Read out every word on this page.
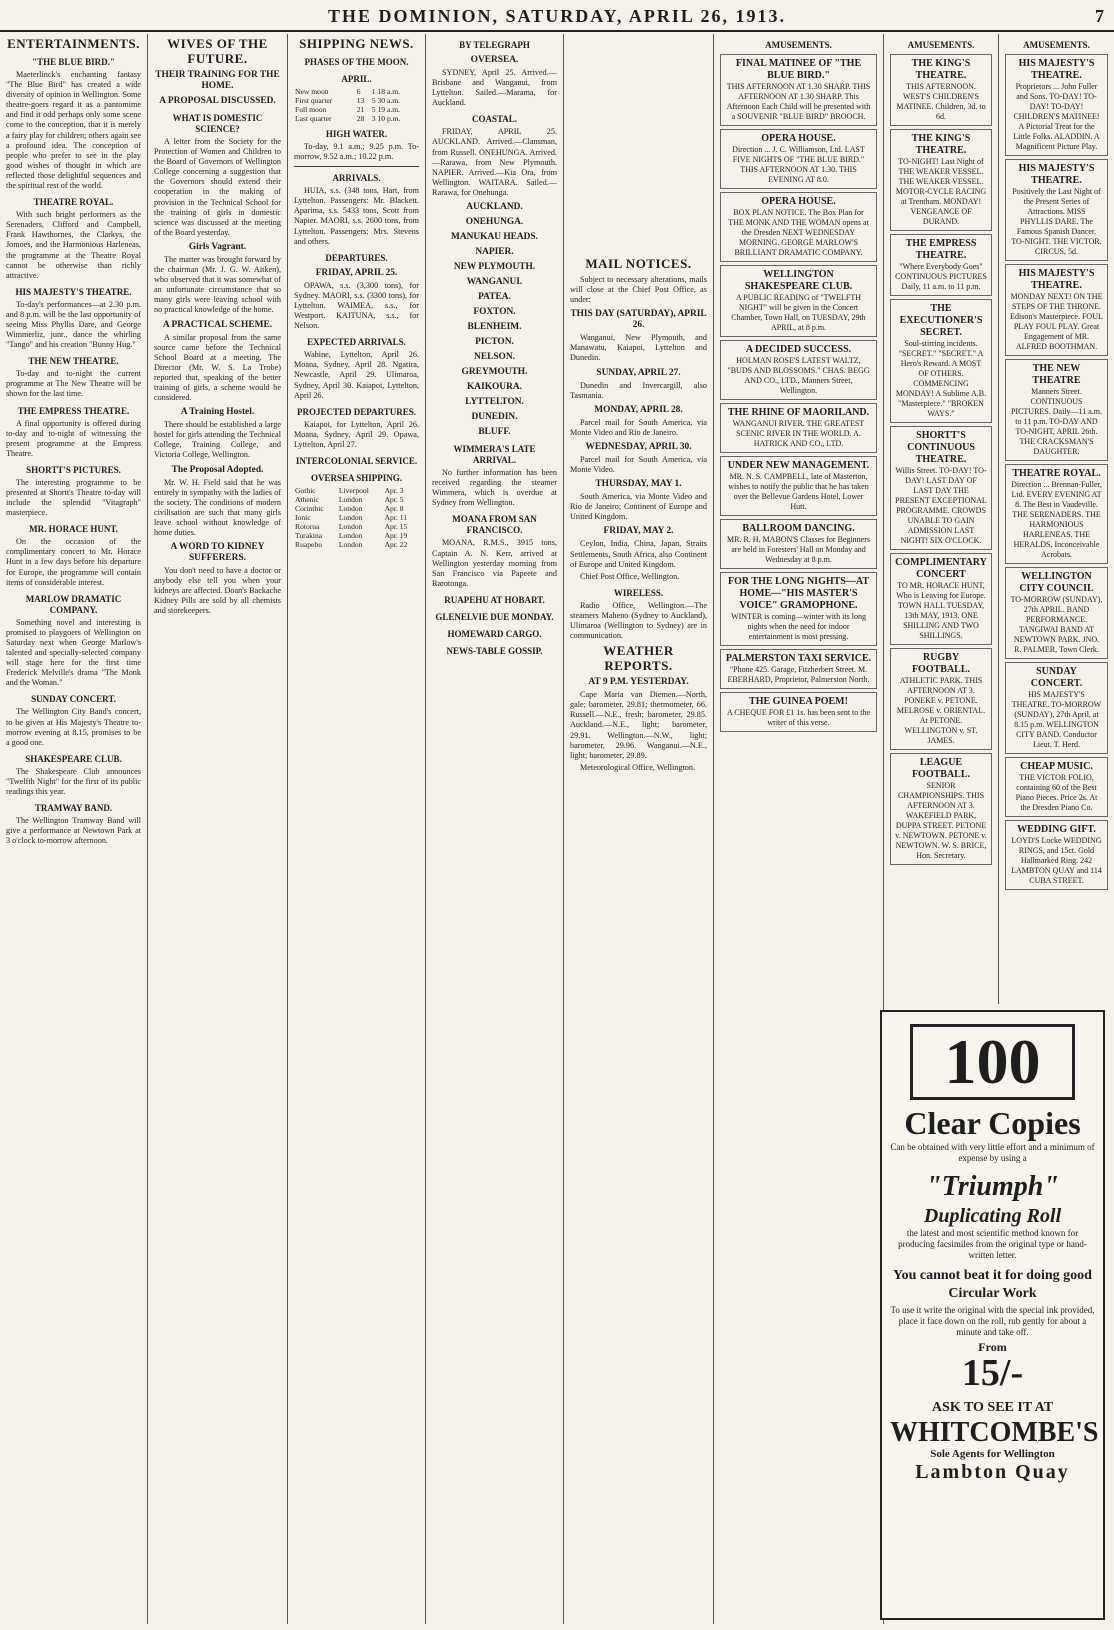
THE DOMINION, SATURDAY, APRIL 26, 1913.	7
ENTERTAINMENTS.
"THE BLUE BIRD."

Maeterlinck's enchanting fantasy "The Blue Bird" has created a wide diversity of opinion in Wellington. Some theatre-goers regard it as a pantomime and find it odd perhaps only some scene come to the conception, that it is merely a fairy play for children; others again see a profound idea. The conception of people who prefer to see in the play good wishes of thought in which are reflected those delightful sequences and the spiritual rest of the world.

THEATRE ROYAL.

With such bright performers as the Serenaders, Clifford and Campbell, Frank Hawthornes, the Clarkys, the Jomoes, and the Harmonious Harleneas, the programme at the Theatre Royal cannot be otherwise than richly attractive.

HIS MAJESTY'S THEATRE.

To-day's performances—at 2.30 p.m. and 8 p.m. will be the last opportunity of seeing Miss Phyllis Dare, and George Wimmerliz, junr., dance the whirling "Tango" and his creation "Bunny Hug."

THE NEW THEATRE.

To-day and to-night the current programme at The New Theatre will be shown for the last time.

THE EMPRESS THEATRE.

A final opportunity is offered during to-day and to-night of witnessing the present programme at the Empress Theatre.

SHORTT'S PICTURES.

The interesting programme to be presented at Shortt's Theatre to-day will include the splendid "Vitagraph" masterpiece.

MR. HORACE HUNT.

On the occasion of the complimentary concert to Mr. Horace Hunt in a few days before his departure for Europe, the programme will contain items of considerable interest.

MARLOW DRAMATIC COMPANY.

Something novel and interesting is promised to playgoers of Wellington on Saturday next when George Marlow's talented and specially-selected company will stage here for the first time Frederick Melville's drama "The Monk and the Woman."

SUNDAY CONCERT.

The Wellington City Band's concert, to be given at His Majesty's Theatre to-morrow evening at 8.15, promises to be a good one.

SHAKESPEARE CLUB.

The Shakespeare Club announces "Twelfth Night" for the first of its public readings this year.

TRAMWAY BAND.

The Wellington Tramway Band will give a performance at Newtown Park at 3 o'clock to-morrow afternoon.

WIVES OF THE FUTURE.
THEIR TRAINING FOR THE HOME.
A PROPOSAL DISCUSSED.
WHAT IS DOMESTIC SCIENCE?

A letter from the Society for the Protection of Women and Children to the Board of Governors of Wellington College concerning a suggestion that the Governors should extend their cooperation in the making of provision in the Technical School for the training of girls in domestic science was discussed at the meeting of the Board yesterday.

Girls Vagrant.

The matter was brought forward by the chairman (Mr. J. G. W. Aitken), who observed that it was somewhat of an unfortunate circumstance that so many girls were leaving school with no practical knowledge of the home.

A PRACTICAL SCHEME.

A similar proposal from the same source came before the Technical School Board at a meeting. The Director (Mr. W. S. La Trobe) reported that, speaking of the better training of girls, a scheme would be considered.

A Training Hostel.

There should be established a large hostel for girls attending the Technical College, Training College, and Victoria College, Wellington.

The Proposal Adopted.

Mr. W. H. Field said that he was entirely in sympathy with the ladies of the society. The conditions of modern civilisation are such that many girls leave school without knowledge of home duties.

A WORD TO KIDNEY SUFFERERS.

You don't need to have a doctor or anybody else tell you when your kidneys are affected. Doan's Backache Kidney Pills are sold by all chemists and storekeepers.

SHIPPING NEWS.
PHASES OF THE MOON.
APRIL.
New moon	6	1 18 a.m.
First quarter	13	5 30 a.m.
Full moon	21	5 19 a.m.
Last quarter	28	3 10 p.m.
HIGH WATER.

To-day, 9.1 a.m.; 9.25 p.m. To-morrow, 9.52 a.m.; 10.22 p.m.

ARRIVALS.

HUIA, s.s. (348 tons, Hart, from Lyttelton. Passengers: Mr. Blackett. Aparima, s.s. 5433 tons, Scott from Napier. MAORI, s.s. 2600 tons, from Lyttelton. Passengers: Mrs. Stevens and others.

DEPARTURES.
FRIDAY, APRIL 25.

OPAWA, s.s. (3,300 tons), for Sydney. MAORI, s.s. (3300 tons), for Lyttelton. WAIMEA, s.s., for Westport. KAITUNA, s.s., for Nelson.

EXPECTED ARRIVALS.

Wahine, Lyttelton, April 26. Moana, Sydney, April 28. Ngatira, Newcastle, April 29. Ulimaroa, Sydney, April 30. Kaiapoi, Lyttelton, April 26.

PROJECTED DEPARTURES.

Kaiapoi, for Lyttelton, April 26. Moana, Sydney, April 29. Opawa, Lyttelton, April 27.

INTERCOLONIAL SERVICE.
OVERSEA SHIPPING.
Gothic	Liverpool	Apr. 3
Athenic	London	Apr. 5
Corinthic	London	Apr. 8
Ionic	London	Apr. 11
Rotorua	London	Apr. 15
Turakina	London	Apr. 19
Ruapehu	London	Apr. 22
BY TELEGRAPH
OVERSEA.

SYDNEY, April 25. Arrived.—Brisbane and Wanganui, from Lyttelton. Sailed.—Marama, for Auckland.

COASTAL.

FRIDAY, APRIL 25. AUCKLAND. Arrived.—Clansman, from Russell. ONEHUNGA. Arrived.—Rarawa, from New Plymouth. NAPIER. Arrived.—Kia Ora, from Wellington. WAITARA. Sailed.—Rarawa, for Onehunga.

AUCKLAND.
ONEHUNGA.
MANUKAU HEADS.
NAPIER.
NEW PLYMOUTH.
WANGANUI.
PATEA.
FOXTON.
BLENHEIM.
PICTON.
NELSON.
GREYMOUTH.
KAIKOURA.
LYTTELTON.
DUNEDIN.
BLUFF.
WIMMERA'S LATE ARRIVAL.

No further information has been received regarding the steamer Wimmera, which is overdue at Sydney from Wellington.

MOANA FROM SAN FRANCISCO.

MOANA, R.M.S., 3915 tons, Captain A. N. Kerr, arrived at Wellington yesterday morning from San Francisco via Papeete and Rarotonga.

RUAPEHU AT HOBART.
GLENELVIE DUE MONDAY.
HOMEWARD CARGO.
NEWS-TABLE GOSSIP.
MAIL NOTICES.

Subject to necessary alterations, mails will close at the Chief Post Office, as under:

THIS DAY (SATURDAY), APRIL 26.

Wanganui, New Plymouth, and Manawatu, Kaiapoi, Lyttelton and Dunedin.

SUNDAY, APRIL 27.

Dunedin and Invercargill, also Tasmania.

MONDAY, APRIL 28.

Parcel mail for South America, via Monte Video and Rio de Janeiro.

WEDNESDAY, APRIL 30.

Parcel mail for South America, via Monte Video.

THURSDAY, MAY 1.

South America, via Monte Video and Rio de Janeiro; Continent of Europe and United Kingdom.

FRIDAY, MAY 2.

Ceylon, India, China, Japan, Straits Settlements, South Africa, also Continent of Europe and United Kingdom.

Chief Post Office, Wellington.

WIRELESS.

Radio Office, Wellington.—The steamers Maheno (Sydney to Auckland), Ulimaroa (Wellington to Sydney) are in communication.

WEATHER REPORTS.
AT 9 P.M. YESTERDAY.

Cape Maria van Diemen.—North, gale; barometer, 29.81; thermometer, 66. Russell.—N.E., fresh; barometer, 29.85. Auckland.—N.E., light; barometer, 29.91. Wellington.—N.W., light; barometer, 29.96. Wanganui.—N.E., light; barometer, 29.89.

Meteorological Office, Wellington.

AMUSEMENTS.
FINAL MATINEE OF "THE BLUE BIRD."
THIS AFTERNOON AT 1.30 SHARP. THIS AFTERNOON AT 1.30 SHARP. This Afternoon Each Child will be presented with a SOUVENIR "BLUE BIRD" BROOCH.
OPERA HOUSE.
Direction ... J. C. Williamson, Ltd. LAST FIVE NIGHTS OF "THE BLUE BIRD." THIS AFTERNOON AT 1.30. THIS EVENING AT 8.0.
OPERA HOUSE.
BOX PLAN NOTICE. The Box Plan for THE MONK AND THE WOMAN opens at the Dresden NEXT WEDNESDAY MORNING. GEORGE MARLOW'S BRILLIANT DRAMATIC COMPANY.
WELLINGTON SHAKESPEARE CLUB.
A PUBLIC READING of "TWELFTH NIGHT" will be given in the Concert Chamber, Town Hall, on TUESDAY, 29th APRIL, at 8 p.m.
A DECIDED SUCCESS.
HOLMAN ROSE'S LATEST WALTZ, "BUDS AND BLOSSOMS." CHAS. BEGG AND CO., LTD., Manners Street, Wellington.
THE RHINE OF MAORILAND.
WANGANUI RIVER. THE GREATEST SCENIC RIVER IN THE WORLD. A. HATRICK AND CO., LTD.
UNDER NEW MANAGEMENT.
MR. N. S. CAMPBELL, late of Masterton, wishes to notify the public that he has taken over the Bellevue Gardens Hotel, Lower Hutt.
BALLROOM DANCING.
MR. R. H. MABON'S Classes for Beginners are held in Foresters' Hall on Monday and Wednesday at 8 p.m.
FOR THE LONG NIGHTS—AT HOME—"HIS MASTER'S VOICE" GRAMOPHONE.
WINTER is coming—winter with its long nights when the need for indoor entertainment is most pressing.
PALMERSTON TAXI SERVICE.
"Phone 425. Garage, Fitzherbert Street. M. EBERHARD, Proprietor, Palmerston North.
THE GUINEA POEM!
A CHEQUE FOR £1 1s. has been sent to the writer of this verse.
AMUSEMENTS.
THE KING'S THEATRE.
THIS AFTERNOON. WEST'S CHILDREN'S MATINEE. Children, 3d. to 6d.
THE KING'S THEATRE.
TO-NIGHT! Last Night of THE WEAKER VESSEL. THE WEAKER VESSEL. MOTOR-CYCLE RACING at Trentham. MONDAY! VENGEANCE OF DURAND.
THE EMPRESS THEATRE.
"Where Everybody Goes" CONTINUOUS PICTURES Daily, 11 a.m. to 11 p.m.
THE EXECUTIONER'S SECRET.
Soul-stirring incidents. "SECRET." "SECRET." A Hero's Reward. A MOST OF OTHERS. COMMENCING MONDAY! A Sublime A.B. "Masterpiece." "BROKEN WAYS."
SHORTT'S CONTINUOUS THEATRE.
Willis Street. TO-DAY! TO-DAY! LAST DAY OF LAST DAY THE PRESENT EXCEPTIONAL PROGRAMME. CROWDS UNABLE TO GAIN ADMISSION LAST NIGHT! SIX O'CLOCK.
COMPLIMENTARY CONCERT
TO MR. HORACE HUNT, Who is Leaving for Europe. TOWN HALL TUESDAY, 13th MAY, 1913. ONE SHILLING AND TWO SHILLINGS.
RUGBY FOOTBALL.
ATHLETIC PARK. THIS AFTERNOON AT 3. PONEKE v. PETONE. MELROSE v. ORIENTAL. At PETONE. WELLINGTON v. ST. JAMES.
LEAGUE FOOTBALL.
SENIOR CHAMPIONSHIPS. THIS AFTERNOON AT 3. WAKEFIELD PARK, DUPPA STREET. PETONE v. NEWTOWN. PETONE v. NEWTOWN. W. S. BRICE, Hon. Secretary.
AMUSEMENTS.
HIS MAJESTY'S THEATRE.
Proprietors ... John Fuller and Sons. TO-DAY! TO-DAY! TO-DAY! CHILDREN'S MATINEE! A Pictorial Treat for the Little Folks. ALADDIN. A Magnificent Picture Play.
HIS MAJESTY'S THEATRE.
Positively the Last Night of the Present Series of Attractions. MISS PHYLLIS DARE. The Famous Spanish Dancer. TO-NIGHT. THE VICTOR. CIRCUS, 5d.
HIS MAJESTY'S THEATRE.
MONDAY NEXT! ON THE STEPS OF THE THRONE. Edison's Masterpiece. FOUL PLAY FOUL PLAY. Great Engagement of MR. ALFRED BOOTHMAN.
THE NEW THEATRE
Manners Street. CONTINUOUS PICTURES. Daily—11 a.m. to 11 p.m. TO-DAY AND TO-NIGHT, APRIL 26th. THE CRACKSMAN'S DAUGHTER.
THEATRE ROYAL.
Direction ... Brennan-Fuller, Ltd. EVERY EVENING AT 8. The Best in Vaudeville. THE SERENADERS. THE HARMONIOUS HARLENEAS. THE HERALDS, Inconceivable Acrobats.
WELLINGTON CITY COUNCIL
TO-MORROW (SUNDAY), 27th APRIL. BAND PERFORMANCE. TANGIWAI BAND AT NEWTOWN PARK. JNO. R. PALMER, Town Clerk.
SUNDAY CONCERT.
HIS MAJESTY'S THEATRE. TO-MORROW (SUNDAY), 27th April, at 8.15 p.m. WELLINGTON CITY BAND. Conductor Lieut. T. Herd.
CHEAP MUSIC.
THE VICTOR FOLIO, containing 60 of the Best Piano Pieces. Price 2s. At the Dresden Piano Co.
WEDDING GIFT.
LOYD'S Locke WEDDING RINGS, and 15ct. Gold Hallmarked Ring. 242 LAMBTON QUAY and 114 CUBA STREET.
100
Clear Copies
Can be obtained with very little effort and a minimum of expense by using a
"Triumph"
Duplicating Roll
the latest and most scientific method known for producing facsimiles from the original type or hand-written letter.
You cannot beat it for doing good Circular Work
To use it write the original with the special ink provided, place it face down on the roll, rub gently for about a minute and take off.
From
15/-
ASK TO SEE IT AT
WHITCOMBE'S
Sole Agents for Wellington
Lambton Quay
